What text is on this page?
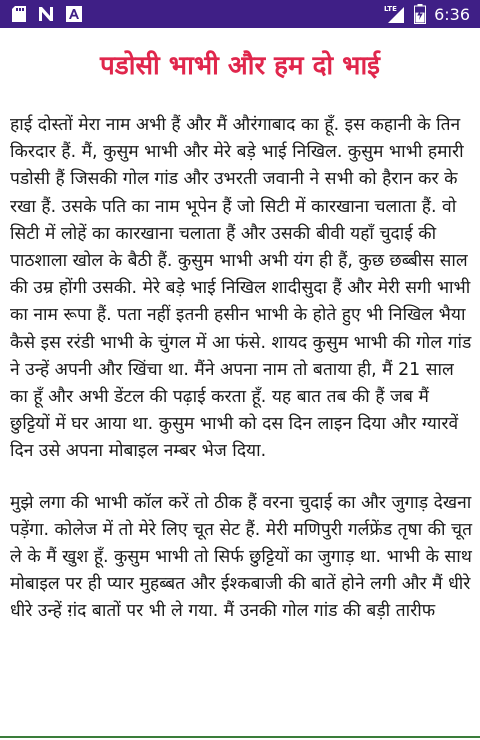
LTE 6:36
पडोसी भाभी और हम दो भाई

हाई दोस्तों मेरा नाम अभी हैं और मैं औरंगाबाद का हूँ. इस कहानी के तिन किरदार हैं. मैं, कुसुम भाभी और मेरे बड़े भाई निखिल. कुसुम भाभी हमारी पडोसी हैं जिसकी गोल गांड और उभरती जवानी ने सभी को हैरान कर के रखा हैं. उसके पति का नाम भूपेन हैं जो सिटी में कारखाना चलाता हैं. वो सिटी में लोहें का कारखाना चलाता हैं और उसकी बीवी यहाँ चुदाई की पाठशाला खोल के बैठी हैं. कुसुम भाभी अभी यंग ही हैं, कुछ छब्बीस साल की उम्र होंगी उसकी. मेरे बड़े भाई निखिल शादीसुदा हैं और मेरी सगी भाभी का नाम रूपा हैं. पता नहीं इतनी हसीन भाभी के होते हुए भी निखिल भैया कैसे इस ररंडी भाभी के चुंगल में आ फंसे. शायद कुसुम भाभी की गोल गांड ने उन्हें अपनी और खिंचा था. मैंने अपना नाम तो बताया ही, मैं 21 साल का हूँ और अभी डेंटल की पढ़ाई करता हूँ. यह बात तब की हैं जब मैं छुट्टियों में घर आया था. कुसुम भाभी को दस दिन लाइन दिया और ग्यारवें दिन उसे अपना मोबाइल नम्बर भेज दिया.

मुझे लगा की भाभी कॉल करें तो ठीक हैं वरना चुदाई का और जुगाड़ देखना पड़ेंगा. कोलेज में तो मेरे लिए चूत सेट हैं. मेरी मणिपुरी गर्लफ्रेंड तृषा की चूत ले के मैं खुश हूँ. कुसुम भाभी तो सिर्फ छुट्टियों का जुगाड़ था. भाभी के साथ मोबाइल पर ही प्यार मुहब्बत और ईश्कबाजी की बातें होने लगी और मैं धीरे धीरे उन्हें ग़ंद बातों पर भी ले गया. मैं उनकी गोल गांड की बड़ी तारीफ
